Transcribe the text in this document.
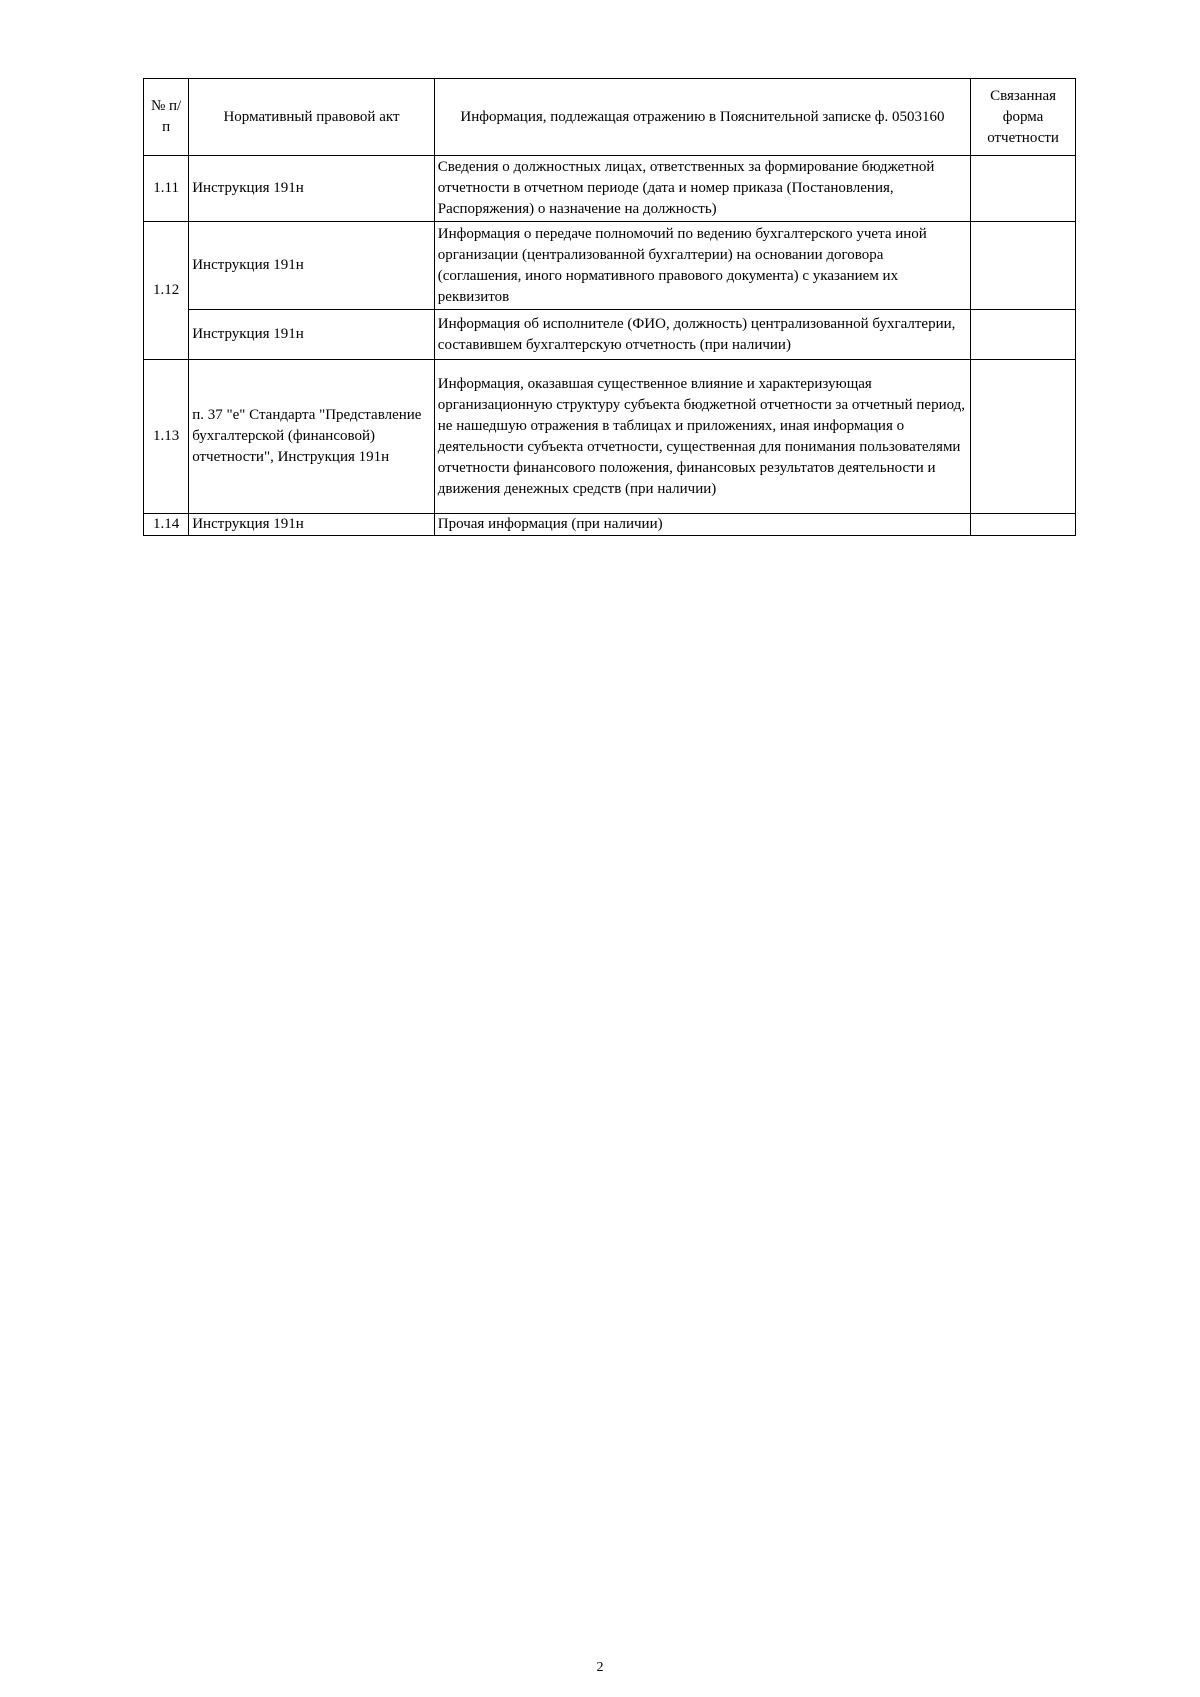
№ п/п	Нормативный правовой акт	Информация, подлежащая отражению в Пояснительной записке ф. 0503160	Связанная форма отчетности
1.11	Инструкция 191н	Сведения о должностных лицах, ответственных за формирование бюджетной отчетности в отчетном периоде (дата и номер приказа (Постановления, Распоряжения) о назначение на должность)	
1.12	Инструкция 191н	Информация о передаче полномочий по ведению бухгалтерского учета иной организации (централизованной бухгалтерии) на основании договора (соглашения, иного нормативного правового документа) с указанием их реквизитов	
	Инструкция 191н	Информация об исполнителе (ФИО, должность) централизованной бухгалтерии, составившем бухгалтерскую отчетность (при наличии)	
1.13	п. 37 "е" Стандарта "Представление бухгалтерской (финансовой) отчетности", Инструкция 191н	Информация, оказавшая существенное влияние и характеризующая организационную структуру субъекта бюджетной отчетности за отчетный период, не нашедшую отражения в таблицах и приложениях, иная информация о деятельности субъекта отчетности, существенная для понимания пользователями отчетности финансового положения, финансовых результатов деятельности и движения денежных средств (при наличии)	
1.14	Инструкция 191н	Прочая информация (при наличии)	
2
